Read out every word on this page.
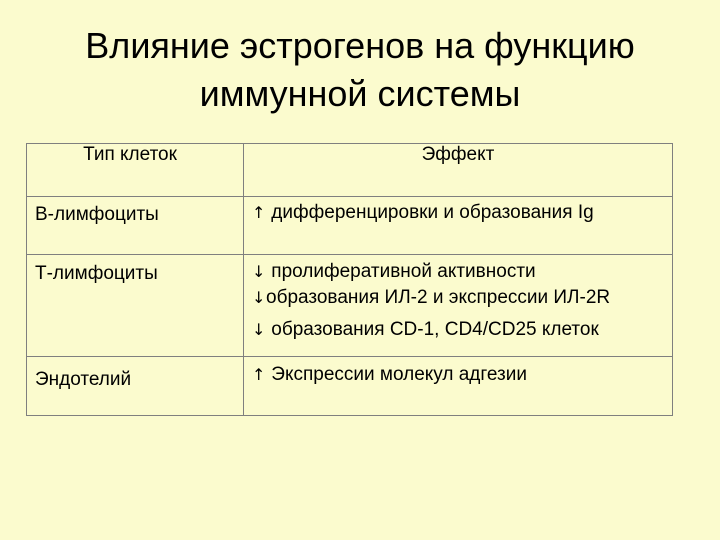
Влияние эстрогенов на функцию
иммунной системы
Тип клеток	Эффект

В-лимфоциты	↑ дифференцировки и образования Ig

Т-лимфоциты	↓ пролиферативной активности
↓образования ИЛ-2 и экспрессии ИЛ-2R
↓ образования CD-1, CD4/CD25 клеток

Эндотелий	↑ Экспрессии молекул адгезии
